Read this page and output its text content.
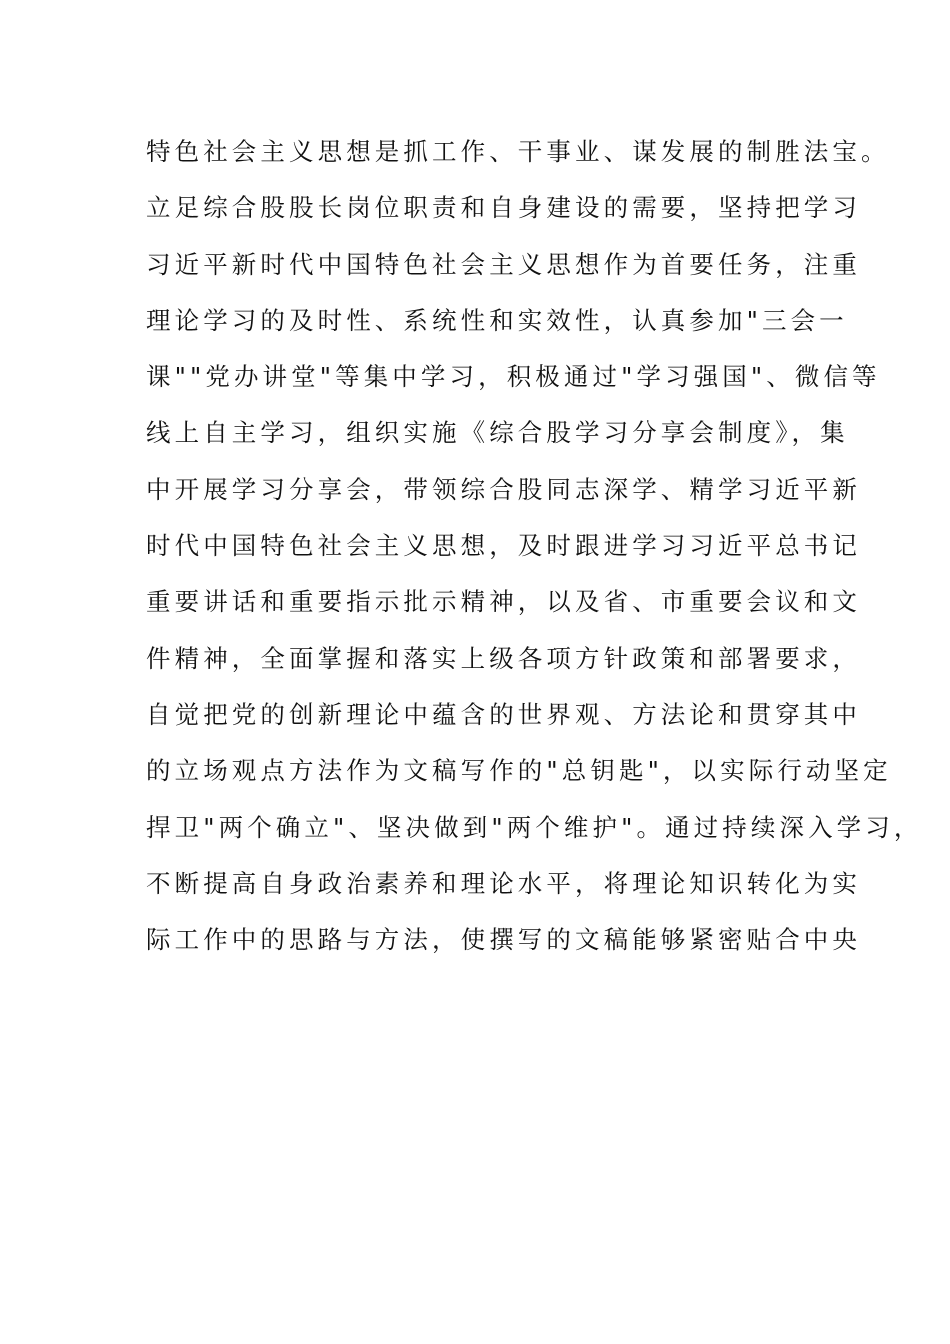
特色社会主义思想是抓工作、干事业、谋发展的制胜法宝。

立足综合股股长岗位职责和自身建设的需要，坚持把学习

习近平新时代中国特色社会主义思想作为首要任务，注重

理论学习的及时性、系统性和实效性，认真参加"三会一

课""党办讲堂"等集中学习，积极通过"学习强国"、微信等

线上自主学习，组织实施《综合股学习分享会制度》，集

中开展学习分享会，带领综合股同志深学、精学习近平新

时代中国特色社会主义思想，及时跟进学习习近平总书记

重要讲话和重要指示批示精神，以及省、市重要会议和文

件精神，全面掌握和落实上级各项方针政策和部署要求，

自觉把党的创新理论中蕴含的世界观、方法论和贯穿其中

的立场观点方法作为文稿写作的"总钥匙"，以实际行动坚定

捍卫"两个确立"、坚决做到"两个维护"。通过持续深入学习，

不断提高自身政治素养和理论水平，将理论知识转化为实

际工作中的思路与方法，使撰写的文稿能够紧密贴合中央
